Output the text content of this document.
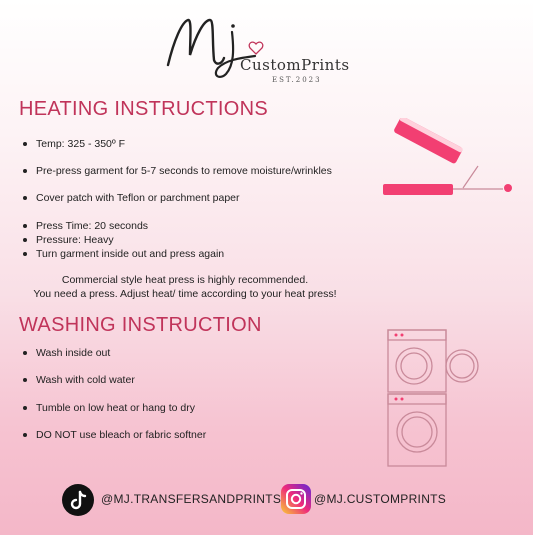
CustomPrints
EST.2023
HEATING INSTRUCTIONS
Temp: 325 - 350º F
Pre-press garment for 5-7 seconds to remove moisture/wrinkles
Cover patch with Teflon or parchment paper
Press Time: 20 seconds
Pressure: Heavy
Turn garment inside out and press again
Commercial style heat press is highly recommended.
You need a press. Adjust heat/ time according to your heat press!
WASHING INSTRUCTION
Wash inside out
Wash with cold water
Tumble on low heat or hang to dry
DO NOT use bleach or fabric softner
@MJ.TRANSFERSANDPRINTS	@MJ.CUSTOMPRINTS
